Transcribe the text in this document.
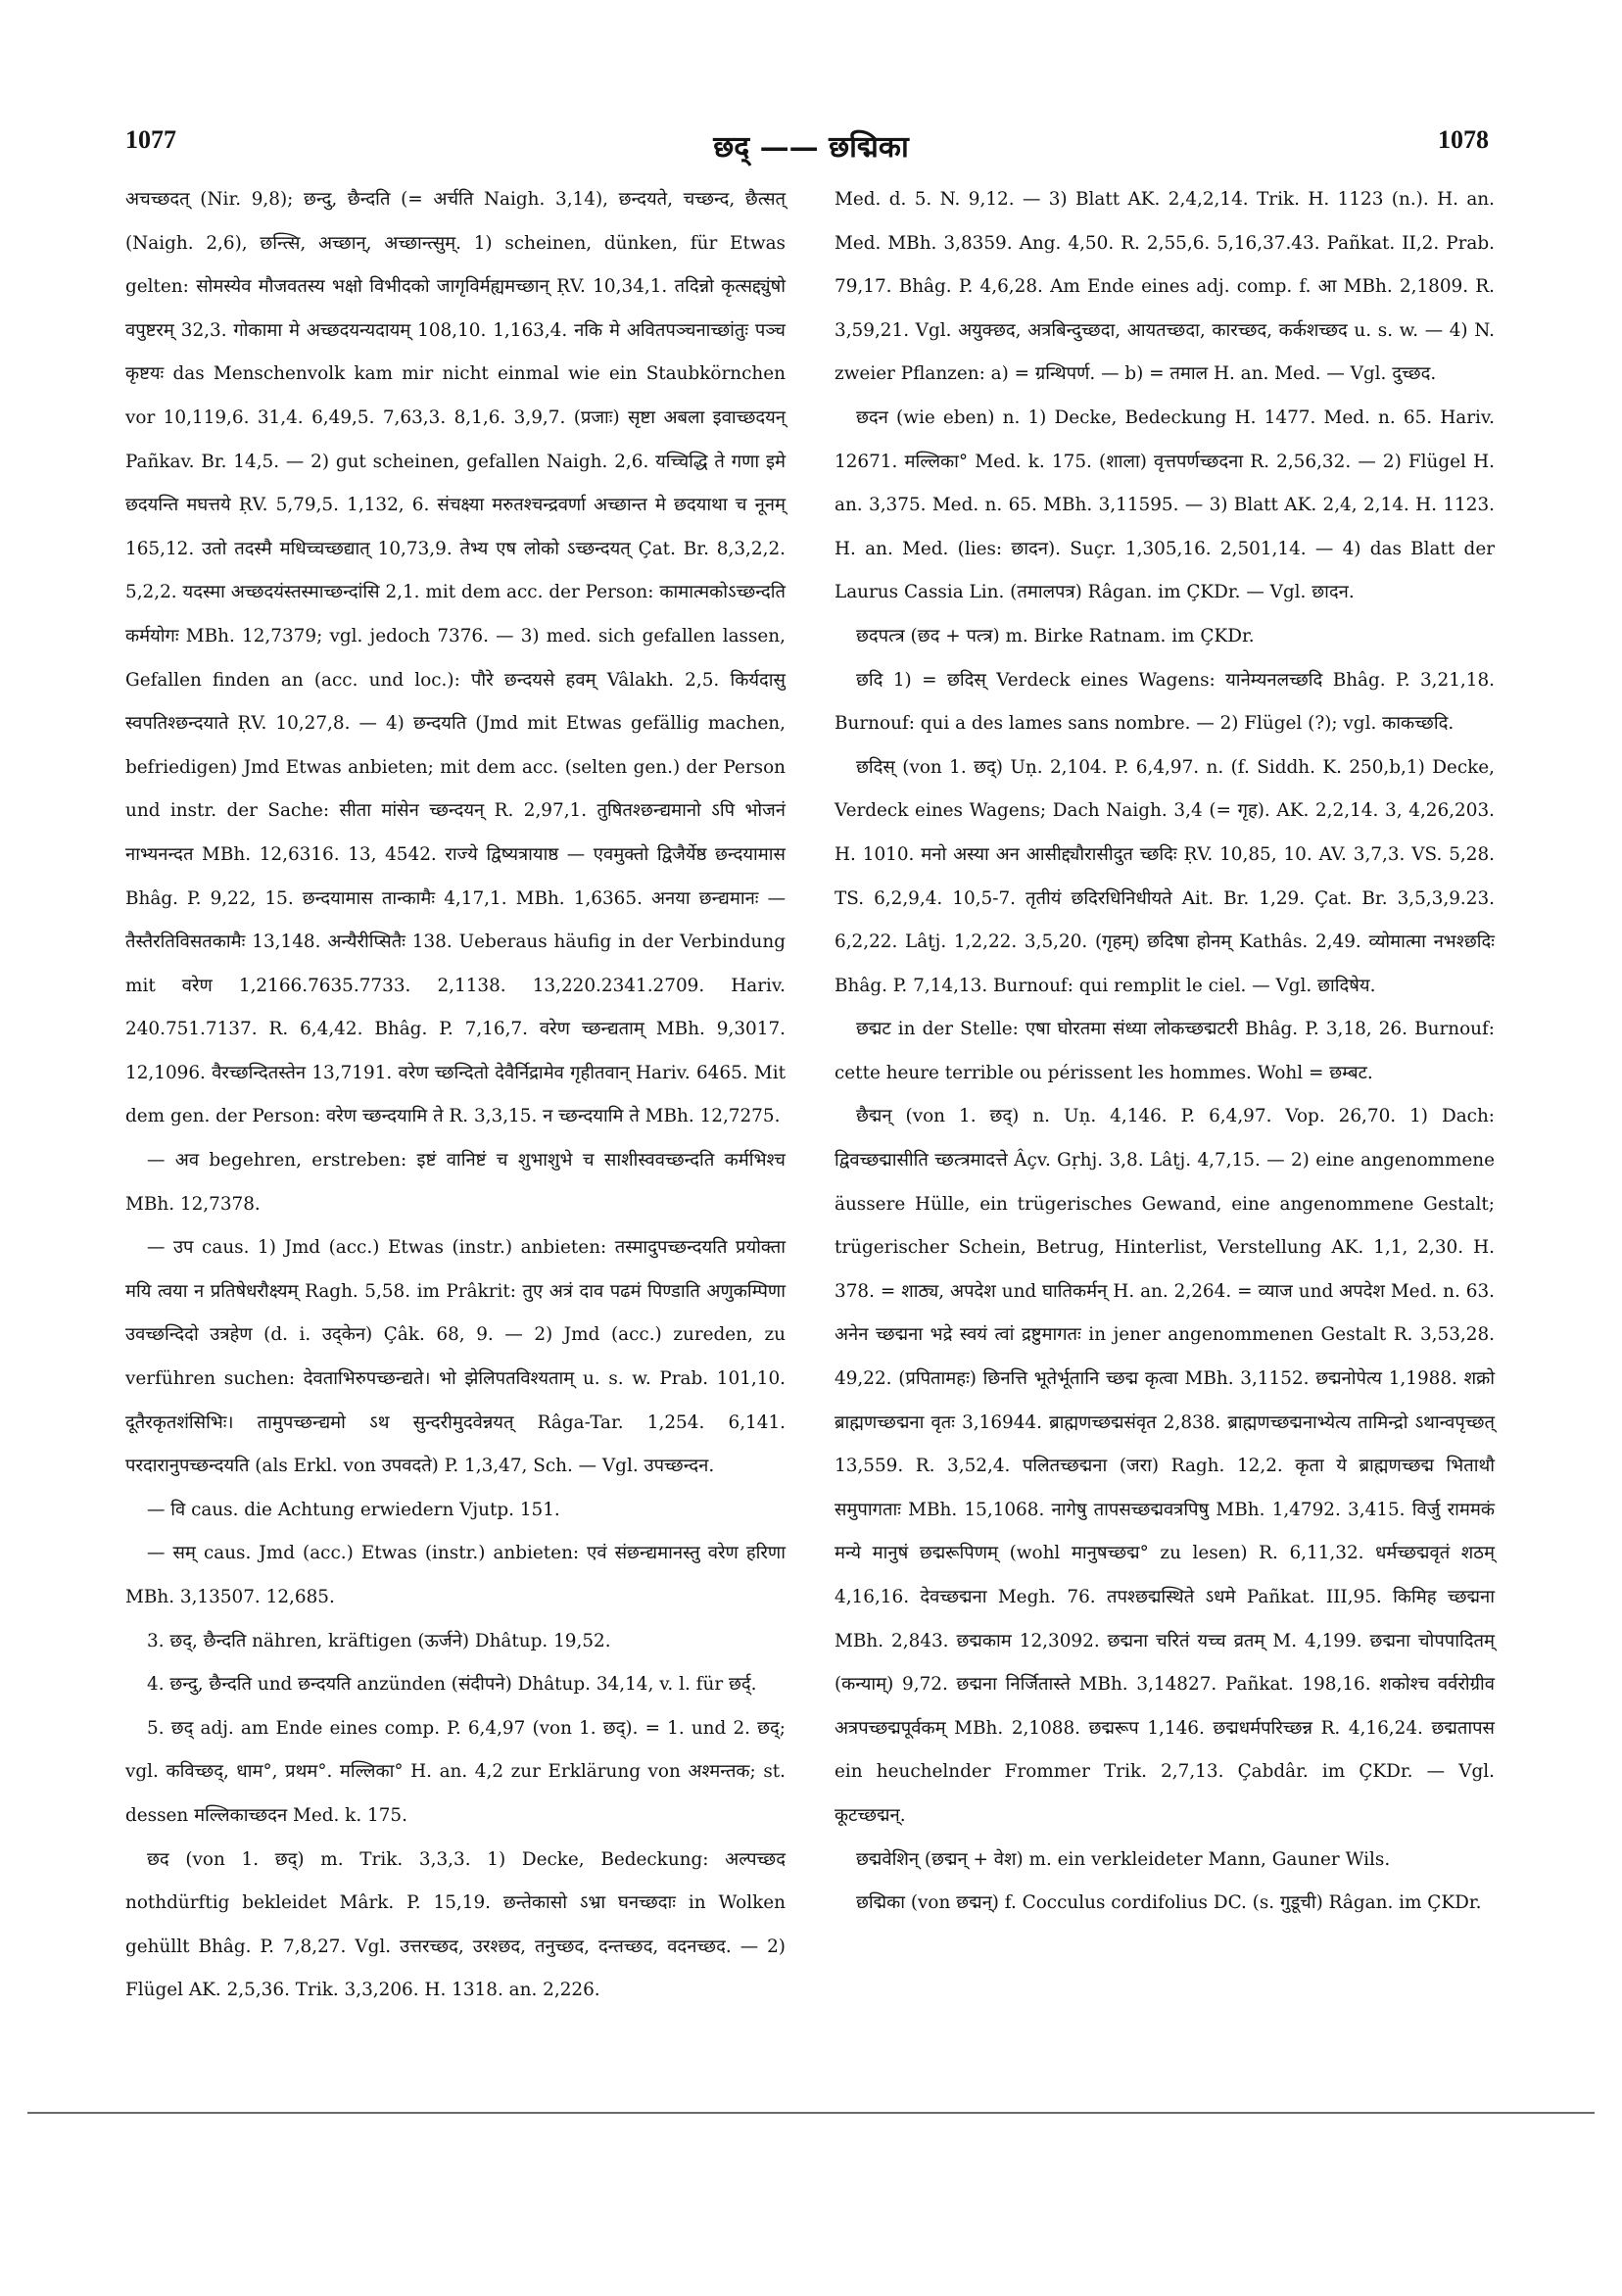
1077	छद् —— छद्मिका	1078

अचच्छदत् (Nir. 9,8); छन्दु, छैन्दति (= अर्चति Naigh. 3,14), छन्दयते, चच्छन्द, छैत्सत् (Naigh. 2,6), छन्त्सि, अच्छान्, अच्छान्त्सुम्. 1) scheinen, dünken, für Etwas gelten: सोमस्येव मौजवतस्य भक्षो विभीदको जागृविर्मह्यमच्छान् ṚV. 10,34,1. तदिन्नो कृत्सद्द्युंषो वपुष्टरम् 32,3. गोकामा मे अच्छदयन्यदायम् 108,10. 1,163,4. नकि मे अवितपञ्चनाच्छांतुः पञ्च कृष्टयः das Menschenvolk kam mir nicht einmal wie ein Staubkörnchen vor 10,119,6. 31,4. 6,49,5. 7,63,3. 8,1,6. 3,9,7. (प्रजाः) सृष्टा अबला इवाच्छदयन् Pañkav. Br. 14,5. — 2) gut scheinen, gefallen Naigh. 2,6. यच्चिद्धि ते गणा इमे छदयन्ति मघत्तये ṚV. 5,79,5. 1,132, 6. संचक्ष्या मरुतश्चन्द्रवर्णा अच्छान्त मे छदयाथा च नूनम् 165,12. उतो तदस्मै मधिच्चच्छद्यात् 10,73,9. तेभ्य एष लोको ऽच्छन्दयत् Çat. Br. 8,3,2,2. 5,2,2. यदस्मा अच्छदयंस्तस्माच्छन्दांसि 2,1. mit dem acc. der Person: कामात्मकोऽच्छन्दति कर्मयोगः MBh. 12,7379; vgl. jedoch 7376. — 3) med. sich gefallen lassen, Gefallen finden an (acc. und loc.): पौरे छन्दयसे हवम् Vâlakh. 2,5. किर्यदासु स्वपतिश्छन्दयाते ṚV. 10,27,8. — 4) छन्दयति (Jmd mit Etwas gefällig machen, befriedigen) Jmd Etwas anbieten; mit dem acc. (selten gen.) der Person und instr. der Sache: सीता मांसेन च्छन्दयन् R. 2,97,1. तुषितश्छन्द्यमानो ऽपि भोजनं नाभ्यनन्दत MBh. 12,6316. 13, 4542. राज्ये द्विष्यत्रायाष्ठ — एवमुक्तो द्विजैर्येष्ठ छन्दयामास Bhâg. P. 9,22, 15. छन्दयामास तान्कामैः 4,17,1. MBh. 1,6365. अनया छन्द्यमानः — तैस्तैरतिविसतकामैः 13,148. अन्यैरीप्सितैः 138. Ueberaus häufig in der Verbindung mit वरेण 1,2166.7635.7733. 2,1138. 13,220.2341.2709. Hariv. 240.751.7137. R. 6,4,42. Bhâg. P. 7,16,7. वरेण च्छन्द्यताम् MBh. 9,3017. 12,1096. वैरच्छन्दितस्तेन 13,7191. वरेण च्छन्दितो देवैर्निद्रामेव गृहीतवान् Hariv. 6465. Mit dem gen. der Person: वरेण च्छन्दयामि ते R. 3,3,15. न च्छन्दयामि ते MBh. 12,7275.

— अव begehren, erstreben: इष्टं वानिष्टं च शुभाशुभे च साशीस्ववच्छन्दति कर्मभिश्च MBh. 12,7378.

— उप caus. 1) Jmd (acc.) Etwas (instr.) anbieten: तस्मादुपच्छन्दयति प्रयोक्ता मयि त्वया न प्रतिषेधरौक्ष्यम् Ragh. 5,58. im Prâkrit: तुए अत्रं दाव पढमं पिण्डाति अणुकम्पिणा उवच्छन्दिदो उत्रहेण (d. i. उद्केन) Çâk. 68, 9. — 2) Jmd (acc.) zureden, zu verführen suchen: देवताभिरुपच्छन्द्यते। भो झेलिपतविश्यताम् u. s. w. Prab. 101,10. दूतैरकृतशंसिभिः। तामुपच्छन्द्यमो ऽथ सुन्दरीमुदवेन्नयत् Râga-Tar. 1,254. 6,141. परदारानुपच्छन्दयति (als Erkl. von उपवदते) P. 1,3,47, Sch. — Vgl. उपच्छन्दन.

— वि caus. die Achtung erwiedern Vjutp. 151.

— सम् caus. Jmd (acc.) Etwas (instr.) anbieten: एवं संछन्द्यमानस्तु वरेण हरिणा MBh. 3,13507. 12,685.

3. छद्, छैन्दति nähren, kräftigen (ऊर्जने) Dhâtup. 19,52.

4. छन्दु, छैन्दति und छन्दयति anzünden (संदीपने) Dhâtup. 34,14, v. l. für छर्द्.

5. छद् adj. am Ende eines comp. P. 6,4,97 (von 1. छद्). = 1. und 2. छद्; vgl. कविच्छद्, धाम°, प्रथम°. मल्लिका° H. an. 4,2 zur Erklärung von अश्मन्तक; st. dessen मल्लिकाच्छदन Med. k. 175.

छद (von 1. छद्) m. Trik. 3,3,3. 1) Decke, Bedeckung: अल्पच्छद nothdürftig bekleidet Mârk. P. 15,19. छन्तेकासो ऽभ्रा घनच्छदाः in Wolken gehüllt Bhâg. P. 7,8,27. Vgl. उत्तरच्छद, उरश्छद, तनुच्छद, दन्तच्छद, वदनच्छद. — 2) Flügel AK. 2,5,36. Trik. 3,3,206. H. 1318. an. 2,226.

Med. d. 5. N. 9,12. — 3) Blatt AK. 2,4,2,14. Trik. H. 1123 (n.). H. an. Med. MBh. 3,8359. Ang. 4,50. R. 2,55,6. 5,16,37.43. Pañkat. II,2. Prab. 79,17. Bhâg. P. 4,6,28. Am Ende eines adj. comp. f. आ MBh. 2,1809. R. 3,59,21. Vgl. अयुक्छद, अत्रबिन्दुच्छदा, आयतच्छदा, कारच्छद, कर्कशच्छद u. s. w. — 4) N. zweier Pflanzen: a) = ग्रन्थिपर्ण. — b) = तमाल H. an. Med. — Vgl. दुच्छद.

छदन (wie eben) n. 1) Decke, Bedeckung H. 1477. Med. n. 65. Hariv. 12671. मल्लिका° Med. k. 175. (शाला) वृत्तपर्णच्छदना R. 2,56,32. — 2) Flügel H. an. 3,375. Med. n. 65. MBh. 3,11595. — 3) Blatt AK. 2,4, 2,14. H. 1123. H. an. Med. (lies: छादन). Suçr. 1,305,16. 2,501,14. — 4) das Blatt der Laurus Cassia Lin. (तमालपत्र) Râgan. im ÇKDr. — Vgl. छादन.

छदपत्त्र (छद + पत्त्र) m. Birke Ratnam. im ÇKDr.

छदि 1) = छदिस् Verdeck eines Wagens: यानेम्यनलच्छदि Bhâg. P. 3,21,18. Burnouf: qui a des lames sans nombre. — 2) Flügel (?); vgl. काकच्छदि.

छदिस् (von 1. छद्) Uṇ. 2,104. P. 6,4,97. n. (f. Siddh. K. 250,b,1) Decke, Verdeck eines Wagens; Dach Naigh. 3,4 (= गृह). AK. 2,2,14. 3, 4,26,203. H. 1010. मनो अस्या अन आसीद्द्यौरासीदुत च्छदिः ṚV. 10,85, 10. AV. 3,7,3. VS. 5,28. TS. 6,2,9,4. 10,5-7. तृतीयं छदिरधिनिधीयते Ait. Br. 1,29. Çat. Br. 3,5,3,9.23. 6,2,22. Lâṭj. 1,2,22. 3,5,20. (गृहम्) छदिषा होनम् Kathâs. 2,49. व्योमात्मा नभश्छदिः Bhâg. P. 7,14,13. Burnouf: qui remplit le ciel. — Vgl. छादिषेय.

छद्मट in der Stelle: एषा घोरतमा संध्या लोकच्छद्मटरी Bhâg. P. 3,18, 26. Burnouf: cette heure terrible ou périssent les hommes. Wohl = छम्बट.

छैद्मन् (von 1. छद्) n. Uṇ. 4,146. P. 6,4,97. Vop. 26,70. 1) Dach: द्विवच्छद्मासीति च्छत्त्रमादत्ते Âçv. Gṛhj. 3,8. Lâṭj. 4,7,15. — 2) eine angenommene äussere Hülle, ein trügerisches Gewand, eine angenommene Gestalt; trügerischer Schein, Betrug, Hinterlist, Verstellung AK. 1,1, 2,30. H. 378. = शाठ्य, अपदेश und घातिकर्मन् H. an. 2,264. = व्याज und अपदेश Med. n. 63. अनेन च्छद्मना भद्रे स्वयं त्वां द्रष्टुमागतः in jener angenommenen Gestalt R. 3,53,28. 49,22. (प्रपितामहः) छिनत्ति भूतेर्भूतानि च्छद्म कृत्वा MBh. 3,1152. छद्मनोपेत्य 1,1988. शक्रो ब्राह्मणच्छद्मना वृतः 3,16944. ब्राह्मणच्छद्मसंवृत 2,838. ब्राह्मणच्छद्मनाभ्येत्य तामिन्द्रो ऽथान्वपृच्छत् 13,559. R. 3,52,4. पलितच्छद्मना (जरा) Ragh. 12,2. कृता ये ब्राह्मणच्छद्म भिताथौ समुपागताः MBh. 15,1068. नागेषु तापसच्छद्मवत्रपिषु MBh. 1,4792. 3,415. विर्जु राममकं मन्ये मानुषं छद्मरूपिणम् (wohl मानुषच्छद्म° zu lesen) R. 6,11,32. धर्मच्छद्मवृतं शठम् 4,16,16. देवच्छद्मना Megh. 76. तपश्छद्मस्थिते ऽधमे Pañkat. III,95. किमिह च्छद्मना MBh. 2,843. छद्मकाम 12,3092. छद्मना चरितं यच्च व्रतम् M. 4,199. छद्मना चोपपादितम् (कन्याम्) 9,72. छद्मना निर्जितास्ते MBh. 3,14827. Pañkat. 198,16. शकोश्च वर्वरोग्रीव अत्रपच्छद्मपूर्वकम् MBh. 2,1088. छद्मरूप 1,146. छद्मधर्मपरिच्छन्न R. 4,16,24. छद्मतापस ein heuchelnder Frommer Trik. 2,7,13. Çabdâr. im ÇKDr. — Vgl. कूटच्छद्मन्.

छद्मवेशिन् (छद्मन् + वेश) m. ein verkleideter Mann, Gauner Wils.

छद्मिका (von छद्मन्) f. Cocculus cordifolius DC. (s. गुडूची) Râgan. im ÇKDr.
